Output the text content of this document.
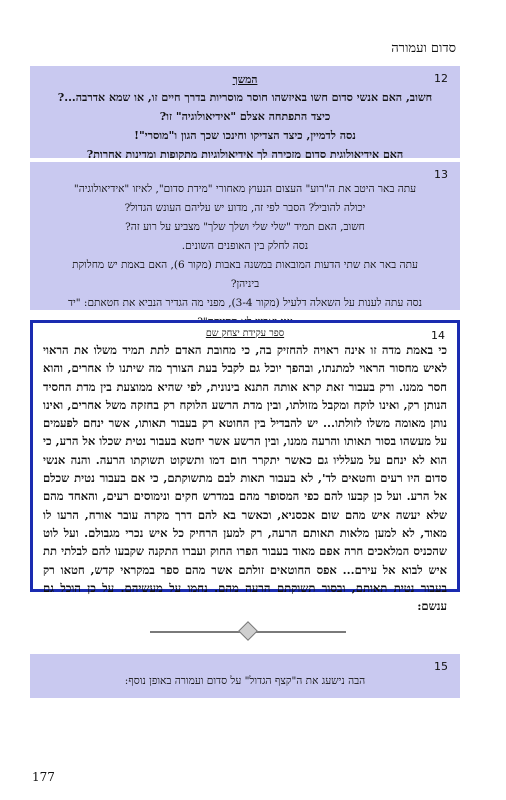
סדום ועמורה
12
המשך

חשוב, האם אנשי סדום חשו באיזשהו חוסר מוסריות בדרך חיים זו, או שמא אדרבה...?

כיצד התפתחה אצלם "אידיאולוגיה" זו?

נסה לדמיין, כיצד הצדיקו וחינכו שכך הגון ו"מוסרי"!

האם אידיאולוגית סדום מזכירה לך אידיאולוגיות מתקופות ומדינות אחרות?

13

עתה באר היטב את ה"רוע" העצום הנעוץ מאחורי "מידת סדום", לאיזו "אידיאולוגיה"

יכולה להוביל? הסבר לפי זה, מדוע יש עליהם העונש הגדול?

חשוב, האם תמיד "שלי שלי ושלך שלך" מצביע על רוע זה?

נסה לחלק בין האופנים השונים.

עתה באר את שתי הדעות המובאות במשנה באבות (מקור 6), האם באמת יש מחלוקת

ביניהן?

נסה עתה לענות על השאלה דלעיל (מקור 3-4), מפני מה הגדיר הנביא את חטאתם: "יד

14
ספר עקידת יצחק שם
כי באמת מדה זו אינה ראויה להחזיק בה, כי מחובת האדם לתת תמיד משלו את הראוי לאיש מחסור הראוי למתנתו, ובהפך יוכל גם לקבל בעת הצורך מה שיתנו לו אחרים, והוא חסר ממנו. ורק בעבור זאת קרא אותה התנא בינונית, לפי שהיא ממוצעת בין מדת החסיד הנותן רק, ואינו לוקח ומקבל מזולתו, ובין מדת הרשע הלוקח רק בחזקה משל אחרים, ואינו נותן מאומה משלו לזולתו... יש להבדיל בין החוטא רק בעבור תאותו, אשר ינחם לפעמים על מעשהו בסור תאותו והרעה ממנו, ובין הרשע אשר יחטא בעבור נטית שכלו אל הרע, כי הוא לא ינחם על מעלליו גם כאשר יתקרר חום דמו ותשקוט תשוקתו הרעה. והנה אנשי סדום היו רעים וחטאים לד', לא בעבור תאות לבם מתשוקתם, כי אם בעבור נטית שכלם אל הרע. ועל כן קבעו להם כפי המסופר מהם במדרש חקים ונימוסים רעים, והאחד מהם שלא יעשה איש מהם שום אכסניא, וכאשר בא להם דרך מקרה עובר אורח, הרעו לו מאוד, לא למען מלאות תאותם הרעה, רק למען הרחיק כל איש נכרי מגבולם. ועל לוט שהכניס המלאכים חרה אפם מאוד בעבור הפרו החוק ועברו התקנה שקבעו להם לבלתי תת איש לבוא אל עירם... אפס החוטאים זולתם אשר מהם ספר במקראי קדש, חטאו רק בעבור נטית תאותם, ובסור תשוקתם הרעה מהם. נחמו על מעשיהם. על כן הוכל גם ענשם:
15

הבה נישעג את ה"קצף הגדול" על סדום ועמורה באופן נוסף:

177
